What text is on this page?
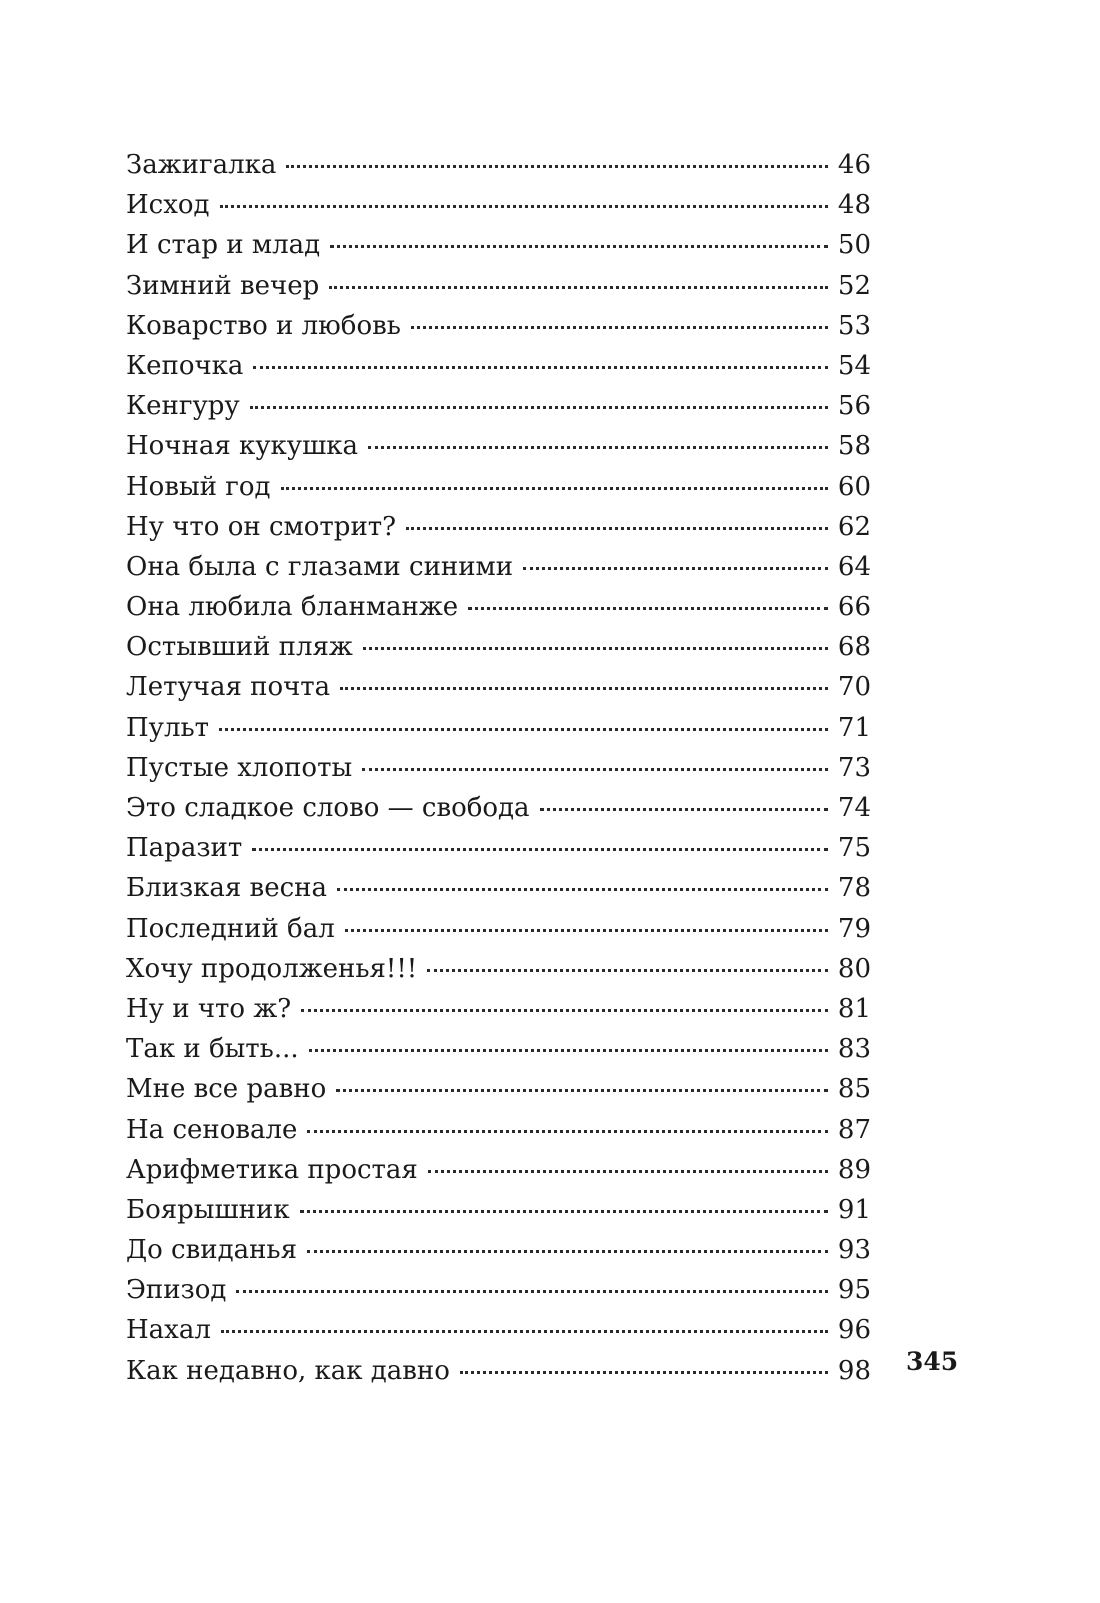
Зажигалка	46
Исход	48
И стар и млад	50
Зимний вечер	52
Коварство и любовь	53
Кепочка	54
Кенгуру	56
Ночная кукушка	58
Новый год	60
Ну что он смотрит?	62
Она была с глазами синими	64
Она любила бланманже	66
Остывший пляж	68
Летучая почта	70
Пульт	71
Пустые хлопоты	73
Это сладкое слово — свобода	74
Паразит	75
Близкая весна	78
Последний бал	79
Хочу продолженья!!!	80
Ну и что ж?	81
Так и быть...	83
Мне все равно	85
На сеновале	87
Арифметика простая	89
Боярышник	91
До свиданья	93
Эпизод	95
Нахал	96
Как недавно, как давно	98 345
